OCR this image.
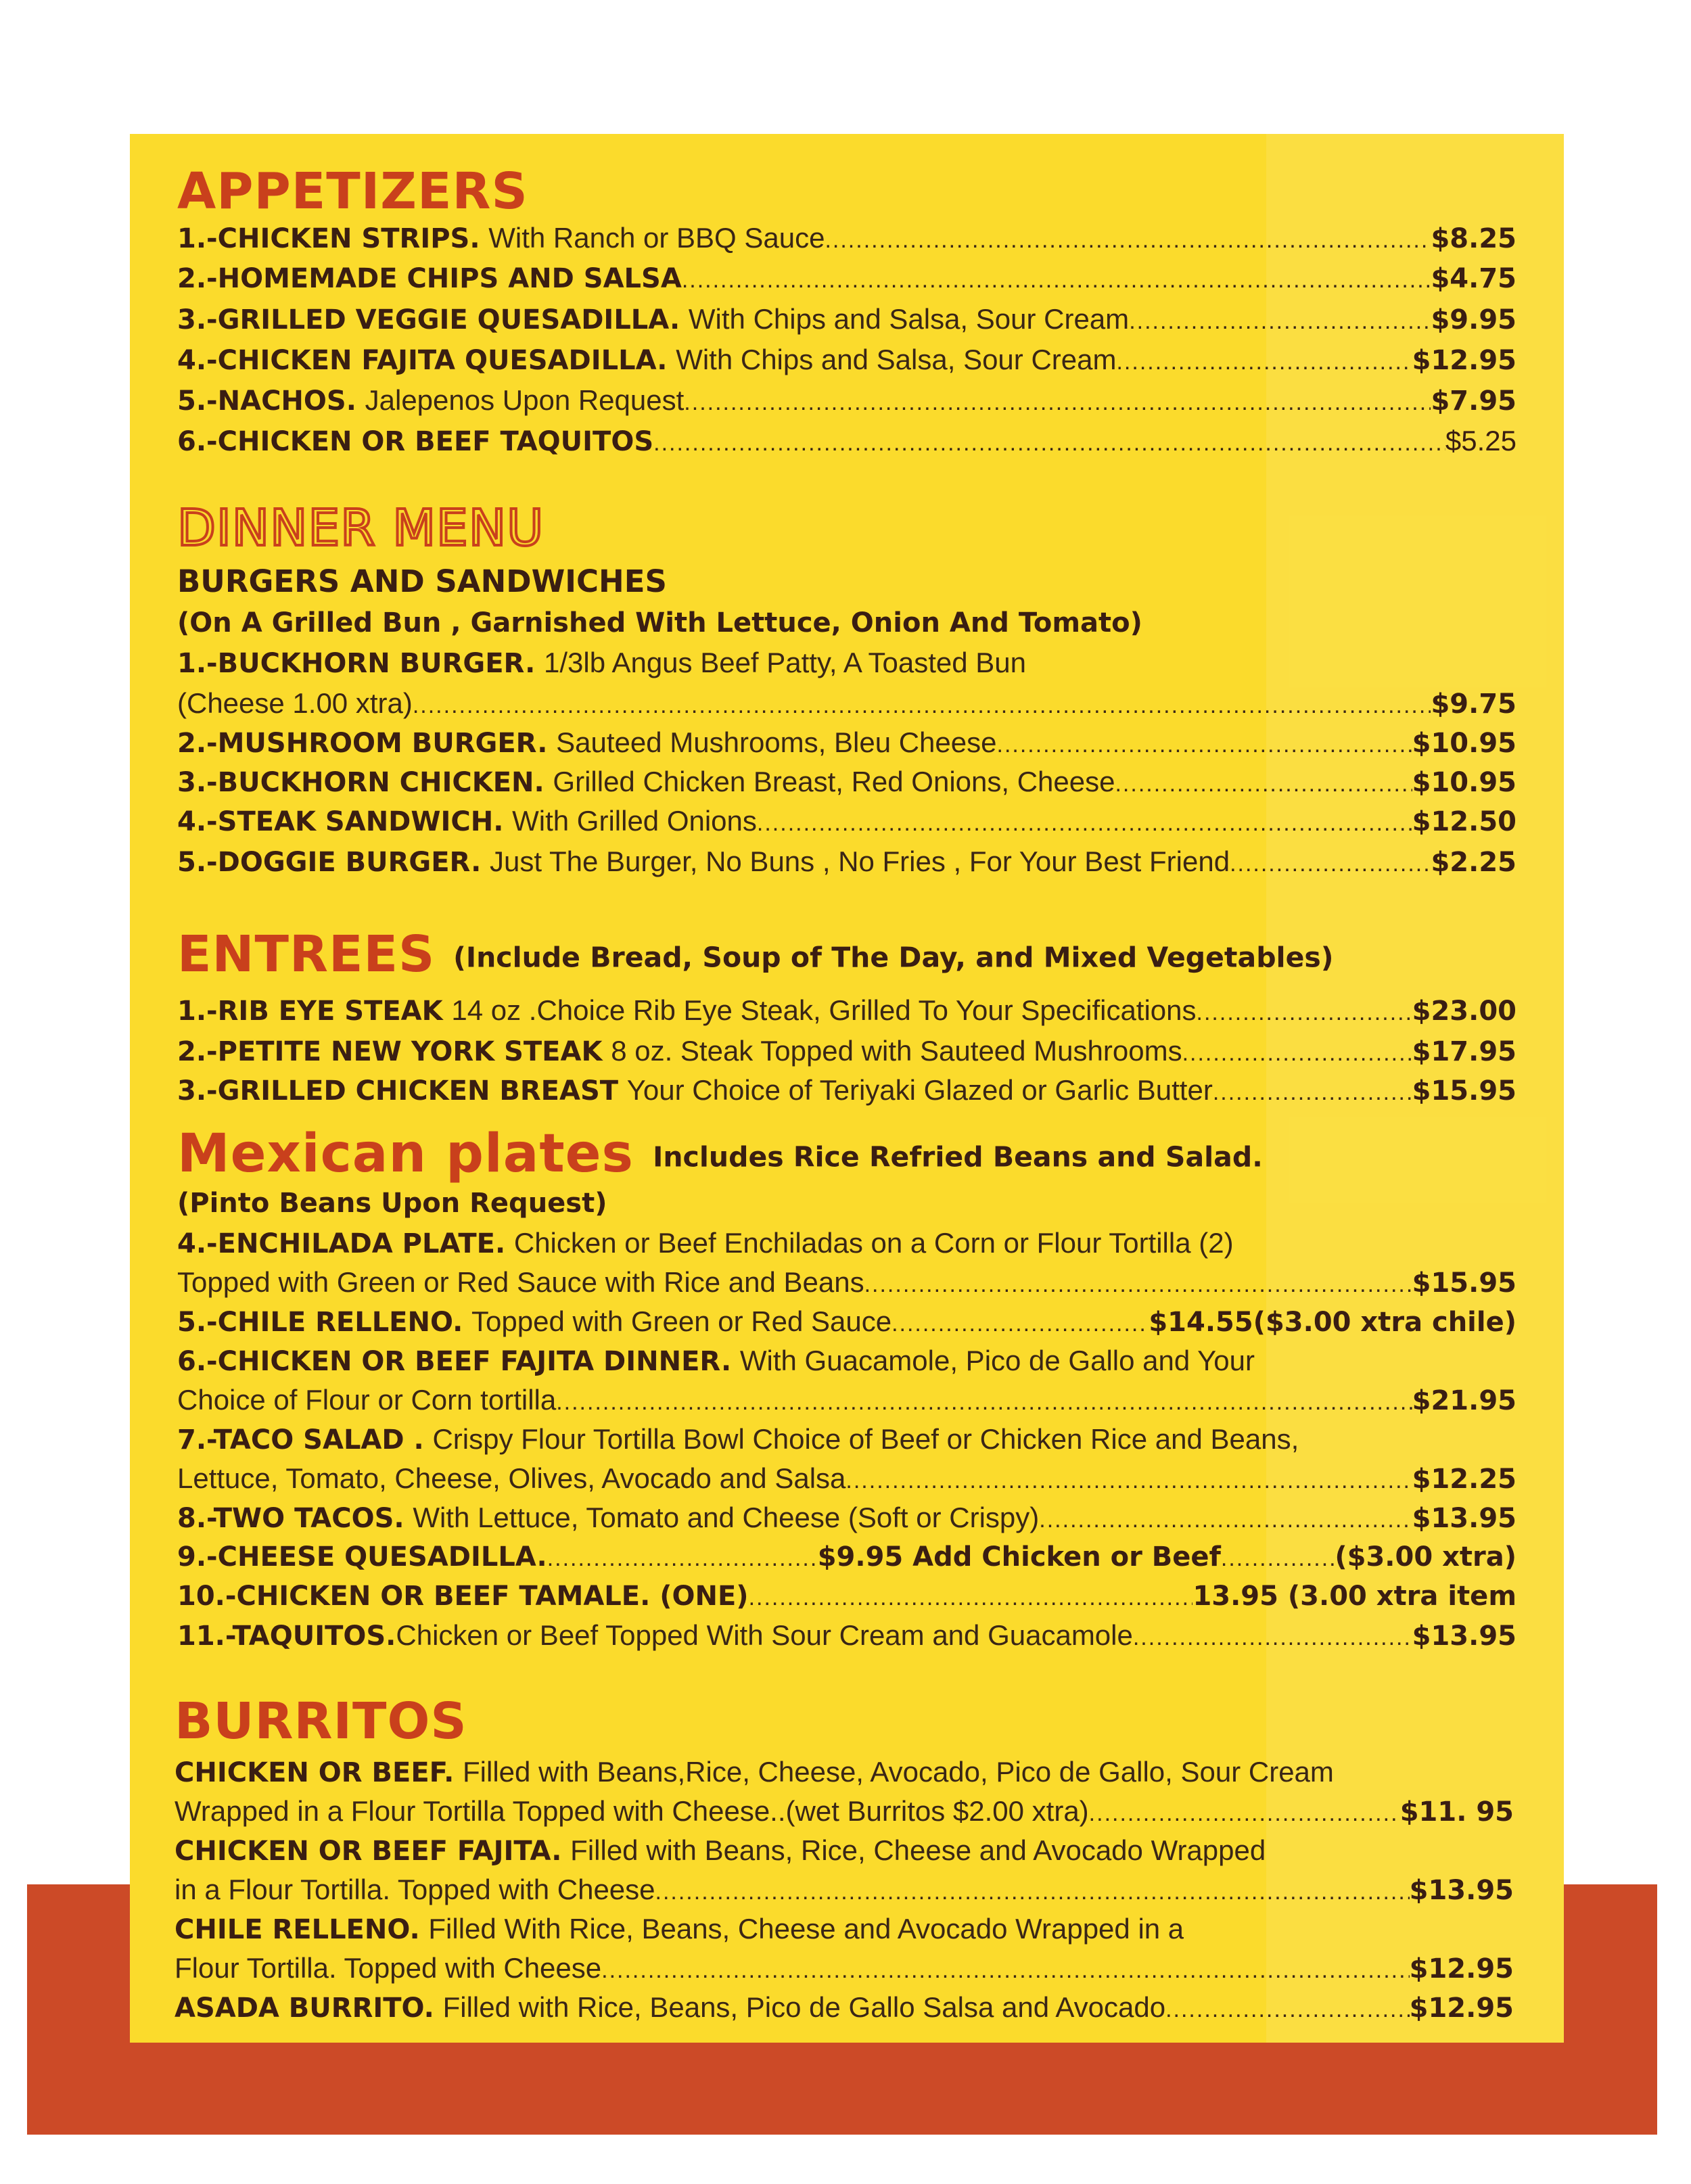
APPETIZERS
1.-CHICKEN STRIPS.
With Ranch or BBQ Sauce .....	$8.25
2.-HOMEMADE CHIPS AND SALSA .....	$4.75
3.-GRILLED VEGGIE QUESADILLA.
With Chips and Salsa, Sour Cream .....	$9.95
4.-CHICKEN FAJITA QUESADILLA.
With Chips and Salsa, Sour Cream .....	$12.95
5.-NACHOS.
Jalepenos Upon Request .....	$7.95
6.-CHICKEN OR BEEF TAQUITOS .....	$5.25
DINNER MENU
BURGERS AND SANDWICHES
(On A Grilled Bun , Garnished With Lettuce, Onion And Tomato)
1.-BUCKHORN BURGER.
1/3lb Angus Beef Patty, A Toasted Bun
(Cheese 1.00 xtra) .....	$9.75
2.-MUSHROOM BURGER.
Sauteed Mushrooms, Bleu Cheese .....	$10.95
3.-BUCKHORN CHICKEN.
Grilled Chicken Breast, Red Onions, Cheese .....	$10.95
4.-STEAK SANDWICH.
With Grilled Onions .....	$12.50
5.-DOGGIE BURGER.
Just The Burger, No Buns , No Fries , For Your Best Friend .....	$2.25
ENTREES (Include Bread, Soup of The Day, and Mixed Vegetables)
1.-RIB EYE STEAK
14 oz .Choice Rib Eye Steak, Grilled To Your Specifications .....	$23.00
2.-PETITE NEW YORK STEAK
8 oz. Steak Topped with Sauteed Mushrooms .....	$17.95
3.-GRILLED CHICKEN BREAST
Your Choice of Teriyaki Glazed or Garlic Butter .....	$15.95
Mexican plates Includes Rice Refried Beans and Salad.
(Pinto Beans Upon Request)
4.-ENCHILADA PLATE.
Chicken or Beef Enchiladas on a Corn or Flour Tortilla (2)
Topped with Green or Red Sauce with Rice and Beans .....	$15.95
5.-CHILE RELLENO.
Topped with Green or Red Sauce .....	$14.55($3.00 xtra chile)
6.-CHICKEN OR BEEF FAJITA DINNER.
With Guacamole, Pico de Gallo and Your
Choice of Flour or Corn tortilla .....	$21.95
7.-TACO SALAD .
Crispy Flour Tortilla Bowl Choice of Beef or Chicken Rice and Beans,
Lettuce, Tomato, Cheese, Olives, Avocado and Salsa .....	$12.25
8.-TWO TACOS.
With Lettuce, Tomato and Cheese (Soft or Crispy) .....	$13.95
9.-CHEESE QUESADILLA. .....	$9.95 Add Chicken or Beef .....	($3.00 xtra)
10.-CHICKEN OR BEEF TAMALE. (ONE) .....	13.95 (3.00 xtra item
11.-TAQUITOS. Chicken or Beef Topped With Sour Cream and Guacamole .....	$13.95
BURRITOS
CHICKEN OR BEEF.
Filled with Beans,Rice, Cheese, Avocado, Pico de Gallo, Sour Cream
Wrapped in a Flour Tortilla Topped with Cheese..(wet Burritos $2.00 xtra) .....	$11. 95
CHICKEN OR BEEF FAJITA.
Filled with Beans, Rice, Cheese and Avocado Wrapped
in a Flour Tortilla. Topped with Cheese .....	$13.95
CHILE RELLENO.
Filled With Rice, Beans, Cheese and Avocado Wrapped in a
Flour Tortilla. Topped with Cheese .....	$12.95
ASADA BURRITO.
Filled with Rice, Beans, Pico de Gallo Salsa and Avocado .....	$12.95
